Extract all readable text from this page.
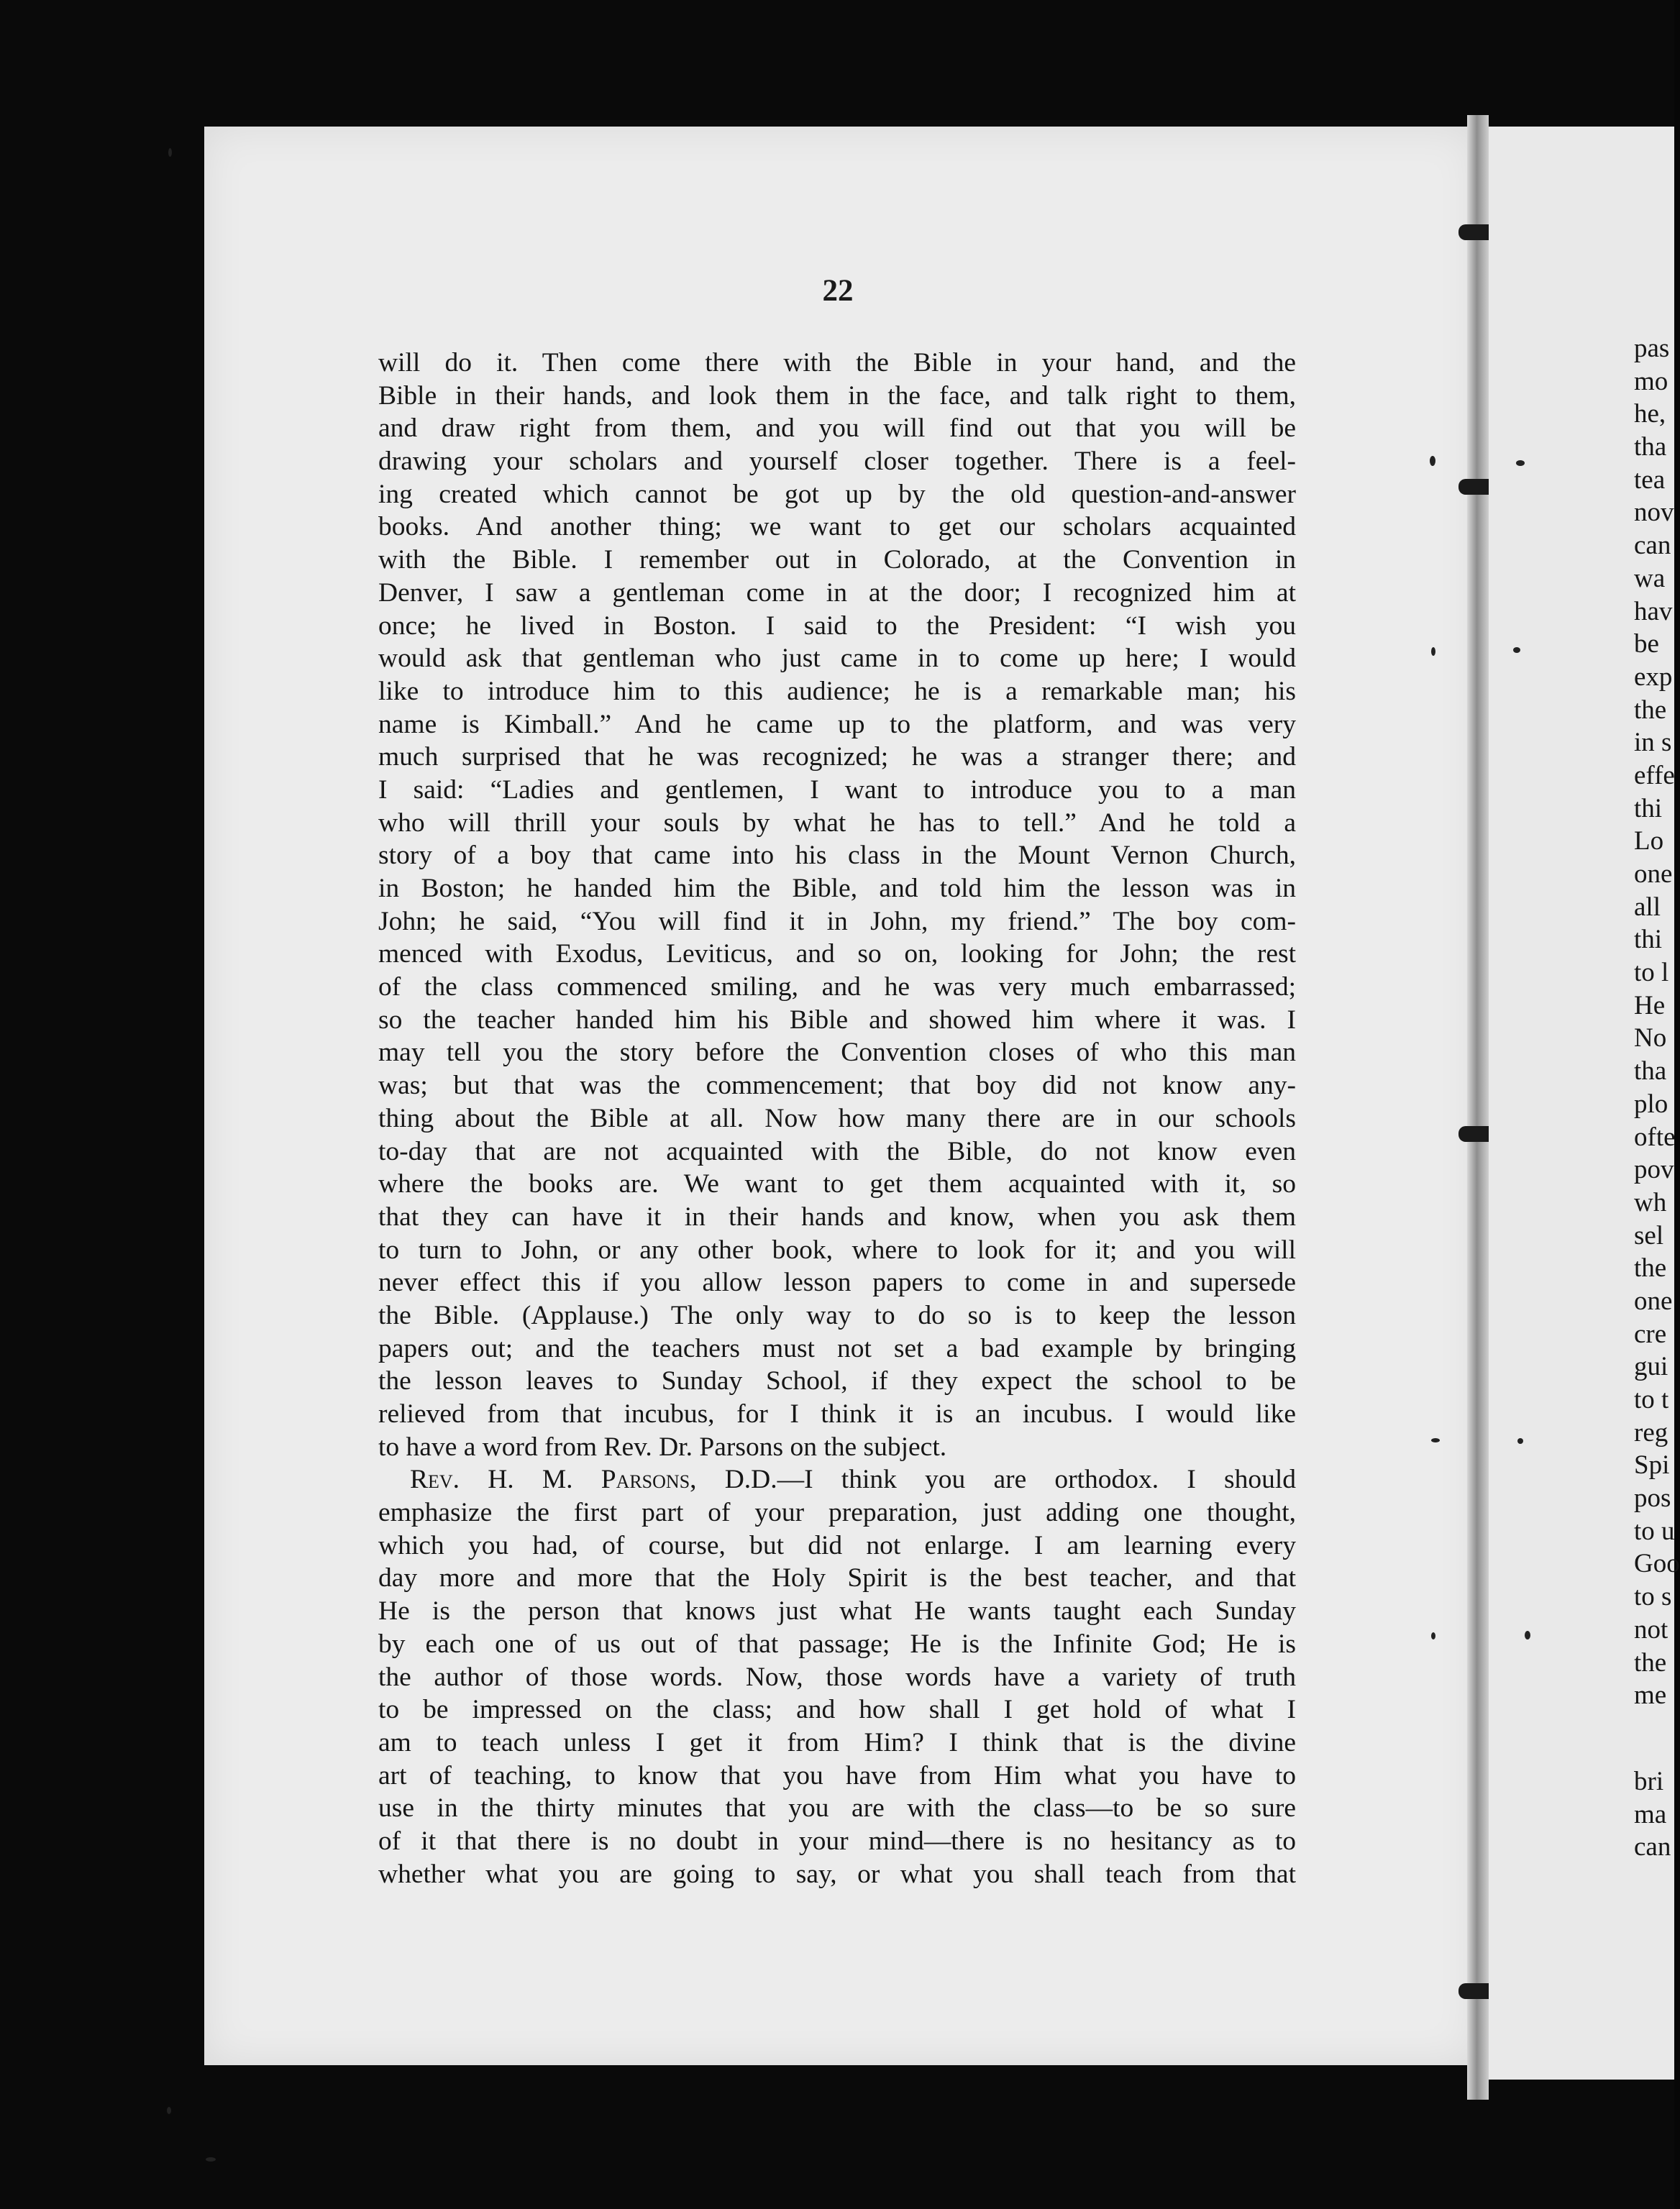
22
will do it. Then come there with the Bible in your hand, and the
Bible in their hands, and look them in the face, and talk right to them,
and draw right from them, and you will find out that you will be
drawing your scholars and yourself closer together. There is a feel-
ing created which cannot be got up by the old question-and-answer
books. And another thing; we want to get our scholars acquainted
with the Bible. I remember out in Colorado, at the Convention in
Denver, I saw a gentleman come in at the door; I recognized him at
once; he lived in Boston. I said to the President: “I wish you
would ask that gentleman who just came in to come up here; I would
like to introduce him to this audience; he is a remarkable man; his
name is Kimball.” And he came up to the platform, and was very
much surprised that he was recognized; he was a stranger there; and
I said: “Ladies and gentlemen, I want to introduce you to a man
who will thrill your souls by what he has to tell.” And he told a
story of a boy that came into his class in the Mount Vernon Church,
in Boston; he handed him the Bible, and told him the lesson was in
John; he said, “You will find it in John, my friend.” The boy com-
menced with Exodus, Leviticus, and so on, looking for John; the rest
of the class commenced smiling, and he was very much embarrassed;
so the teacher handed him his Bible and showed him where it was. I
may tell you the story before the Convention closes of who this man
was; but that was the commencement; that boy did not know any-
thing about the Bible at all. Now how many there are in our schools
to-day that are not acquainted with the Bible, do not know even
where the books are. We want to get them acquainted with it, so
that they can have it in their hands and know, when you ask them
to turn to John, or any other book, where to look for it; and you will
never effect this if you allow lesson papers to come in and supersede
the Bible. (Applause.) The only way to do so is to keep the lesson
papers out; and the teachers must not set a bad example by bringing
the lesson leaves to Sunday School, if they expect the school to be
relieved from that incubus, for I think it is an incubus. I would like
to have a word from Rev. Dr. Parsons on the subject.
Rev. H. M. Parsons, D.D.—I think you are orthodox. I should
emphasize the first part of your preparation, just adding one thought,
which you had, of course, but did not enlarge. I am learning every
day more and more that the Holy Spirit is the best teacher, and that
He is the person that knows just what He wants taught each Sunday
by each one of us out of that passage; He is the Infinite God; He is
the author of those words. Now, those words have a variety of truth
to be impressed on the class; and how shall I get hold of what I
am to teach unless I get it from Him? I think that is the divine
art of teaching, to know that you have from Him what you have to
use in the thirty minutes that you are with the class—to be so sure
of it that there is no doubt in your mind—there is no hesitancy as to
whether what you are going to say, or what you shall teach from that
pas
mo
he,
tha
tea
nov
can
wa
hav
be
exp
the
in s
effe
thi
Lo
one
all
thi
to l
He
No
tha
plo
ofte
pov
wh
sel
the
one
cre
gui
to t
reg
Spi
pos
to u
Goo
to s
not
the
me
bri
ma
can
